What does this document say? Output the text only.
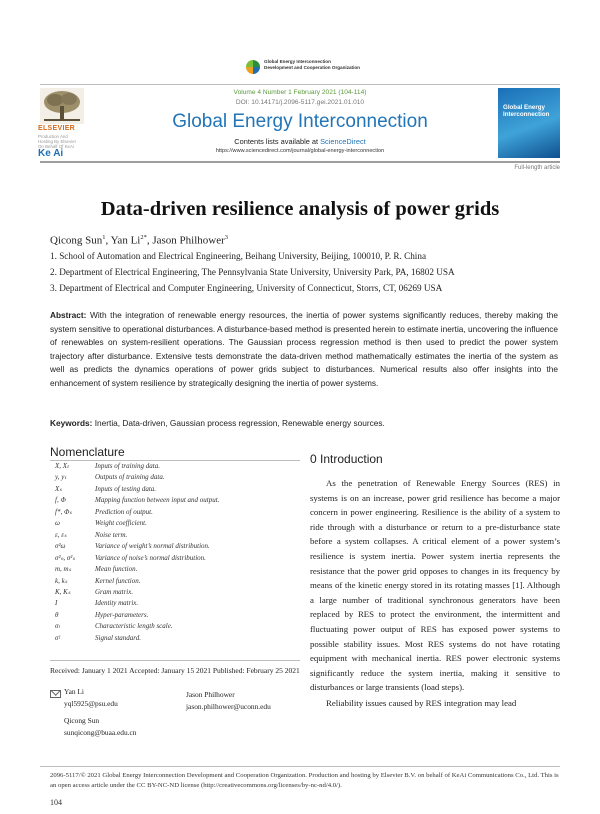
Global Energy Interconnection
Development and Cooperation Organization
ELSEVIER
Production And
Hosting By Elsevier
On Behalf Of KeAi
Ke Ai
Volume 4 Number 1 February 2021 (104-114)
DOI: 10.14171/j.2096-5117.gei.2021.01.010
Global Energy Interconnection
Contents lists available at ScienceDirect
https://www.sciencedirect.com/journal/global-energy-interconnection
Global Energy Interconnection
Full-length article
Data-driven resilience analysis of power grids
Qicong Sun$^1$, Yan $Li^{2*}$, Jason Philhower$^3$
1. School of Automation and Electrical Engineering, Beihang University, Beijing, 100010, P. R. China
2. Department of Electrical Engineering, The Pennsylvania State University, University Park, PA, 16802 USA
3. Department of Electrical and Computer Engineering, University of Connecticut, Storrs, CT, 06269 USA
Abstract: With the integration of renewable energy resources, the inertia of power systems significantly reduces, thereby making the system sensitive to operational disturbances. A disturbance-based method is presented herein to estimate inertia, uncovering the influence of renewables on system-resilient operations. The Gaussian process regression method is then used to predict the power system trajectory after disturbance. Extensive tests demonstrate the data-driven method mathematically estimates the inertia of the system as well as predicts the dynamics operations of power grids subject to disturbances. Numerical results also offer insights into the enhancement of system resilience by strategically designing the inertia of power systems.
Keywords: Inertia, Data-driven, Gaussian process regression, Renewable energy sources.
Nomenclature
X, Xₜ	Inputs of training data.
y, yₜ	Outputs of training data.
Xₛ	Inputs of testing data.
f, Φ	Mapping function between input and output.
f*, Φₛ	Prediction of output.
ω	Weight coefficient.
ε, εₛ	Noise term.
σ²ω	Variance of weight’s normal distribution.
σ²ₙ, σ²ₛ	Variance of noise’s normal distribution.
m, mₛ	Mean function.
k, kₛ	Kernel function.
K, Kₛ	Gram matrix.
I	Identity matrix.
θ	Hyper-parameters.
σₗ	Characteristic length scale.
σᶠ	Signal standard.
0 Introduction

As the penetration of Renewable Energy Sources (RES) in systems is on an increase, power grid resilience has become a major concern in power engineering. Resilience is the ability of a system to ride through with a disturbance or return to a pre-disturbance state before a system collapses. A critical element of a power system’s resilience is system inertia. Power system inertia represents the resistance that the power grid opposes to changes in its frequency by means of the kinetic energy stored in its rotating masses [1]. Although a large number of traditional synchronous generators have been replaced by RES to protect the environment, the intermittent and fluctuating power output of RES has exposed power systems to possible stability issues. Most RES systems do not have rotating equipment with mechanical inertia. RES power electronic systems significantly reduce the system inertia, making it sensitive to disturbances or large transients (load steps).

Reliability issues caused by RES integration may lead

Received: January 1 2021 Accepted: January 15 2021 Published: February 25 2021
Yan Li
yql5925@psu.edu
Jason Philhower
jason.philhower@uconn.edu
Qicong Sun
sunqicong@buaa.edu.cn
2096-5117/© 2021 Global Energy Interconnection Development and Cooperation Organization. Production and hosting by Elsevier B.V. on behalf of KeAi Communications Co., Ltd. This is an open access article under the CC BY-NC-ND license (http://creativecommons.org/licenses/by-nc-nd/4.0/).
104
